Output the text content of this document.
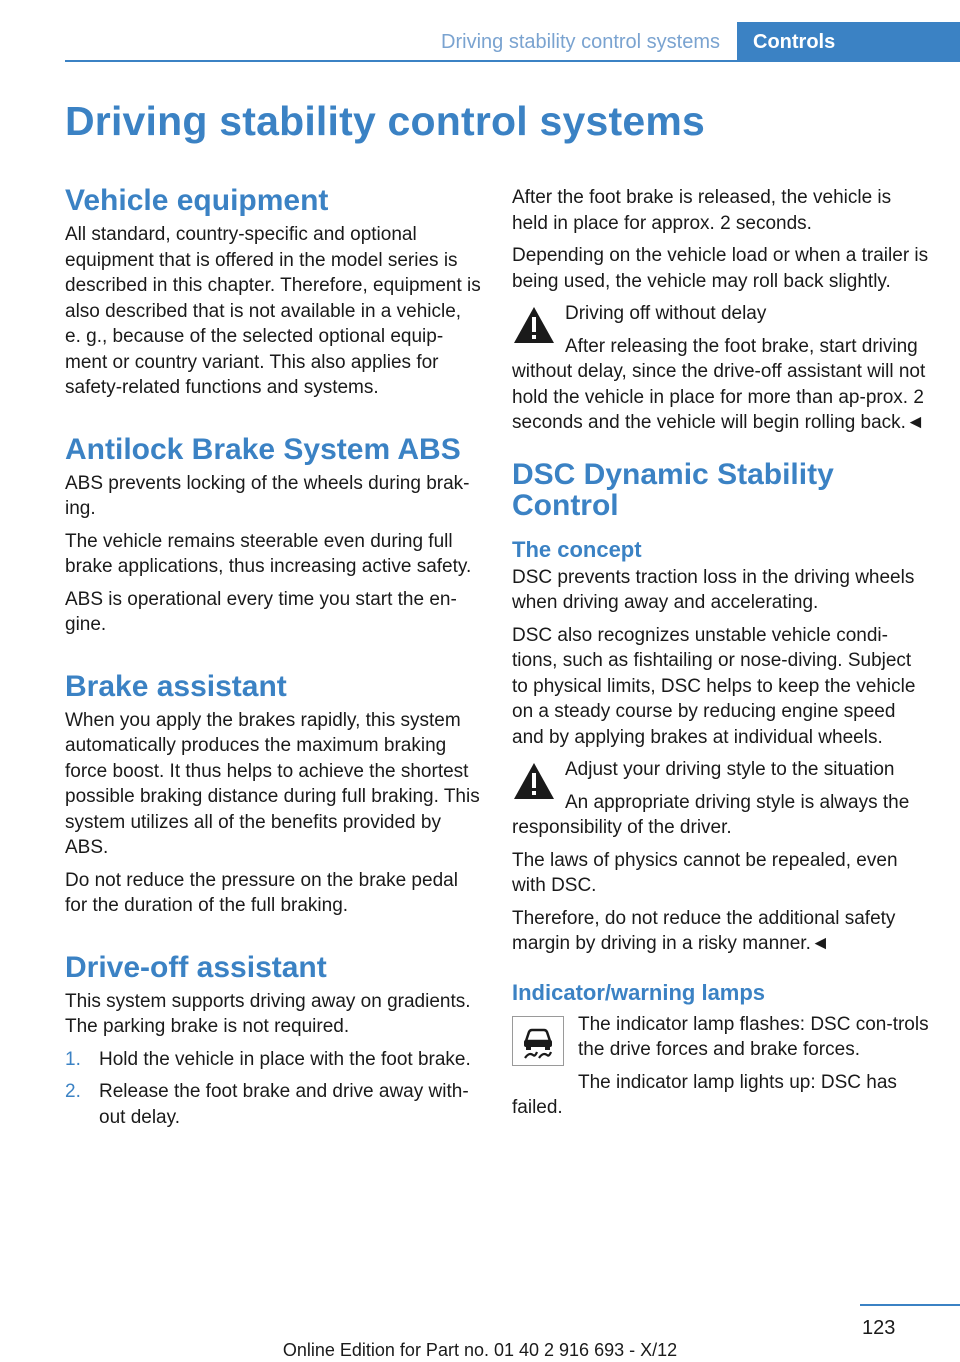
Driving stability control systems	Controls
Driving stability control systems
Vehicle equipment

All standard, country-specific and optional equipment that is offered in the model series is described in this chapter. Therefore, equipment is also described that is not available in a vehicle, e. g., because of the selected optional equip-ment or country variant. This also applies for safety-related functions and systems.

Antilock Brake System ABS

ABS prevents locking of the wheels during brak-ing.

The vehicle remains steerable even during full brake applications, thus increasing active safety.

ABS is operational every time you start the en-gine.

Brake assistant

When you apply the brakes rapidly, this system automatically produces the maximum braking force boost. It thus helps to achieve the shortest possible braking distance during full braking. This system utilizes all of the benefits provided by ABS.

Do not reduce the pressure on the brake pedal for the duration of the full braking.

Drive-off assistant

This system supports driving away on gradients. The parking brake is not required.

1. Hold the vehicle in place with the foot brake.
2. Release the foot brake and drive away with-out delay.

After the foot brake is released, the vehicle is held in place for approx. 2 seconds.

Depending on the vehicle load or when a trailer is being used, the vehicle may roll back slightly.

Driving off without delay

After releasing the foot brake, start driving without delay, since the drive-off assistant will not hold the vehicle in place for more than ap-prox. 2 seconds and the vehicle will begin rolling back.◄

DSC Dynamic Stability Control
The concept

DSC prevents traction loss in the driving wheels when driving away and accelerating.

DSC also recognizes unstable vehicle condi-tions, such as fishtailing or nose-diving. Subject to physical limits, DSC helps to keep the vehicle on a steady course by reducing engine speed and by applying brakes at individual wheels.

Adjust your driving style to the situation

An appropriate driving style is always the responsibility of the driver.

The laws of physics cannot be repealed, even with DSC.

Therefore, do not reduce the additional safety margin by driving in a risky manner.◄

Indicator/warning lamps

The indicator lamp flashes: DSC con-trols the drive forces and brake forces.

The indicator lamp lights up: DSC has failed.

123
Online Edition for Part no. 01 40 2 916 693 - X/12
